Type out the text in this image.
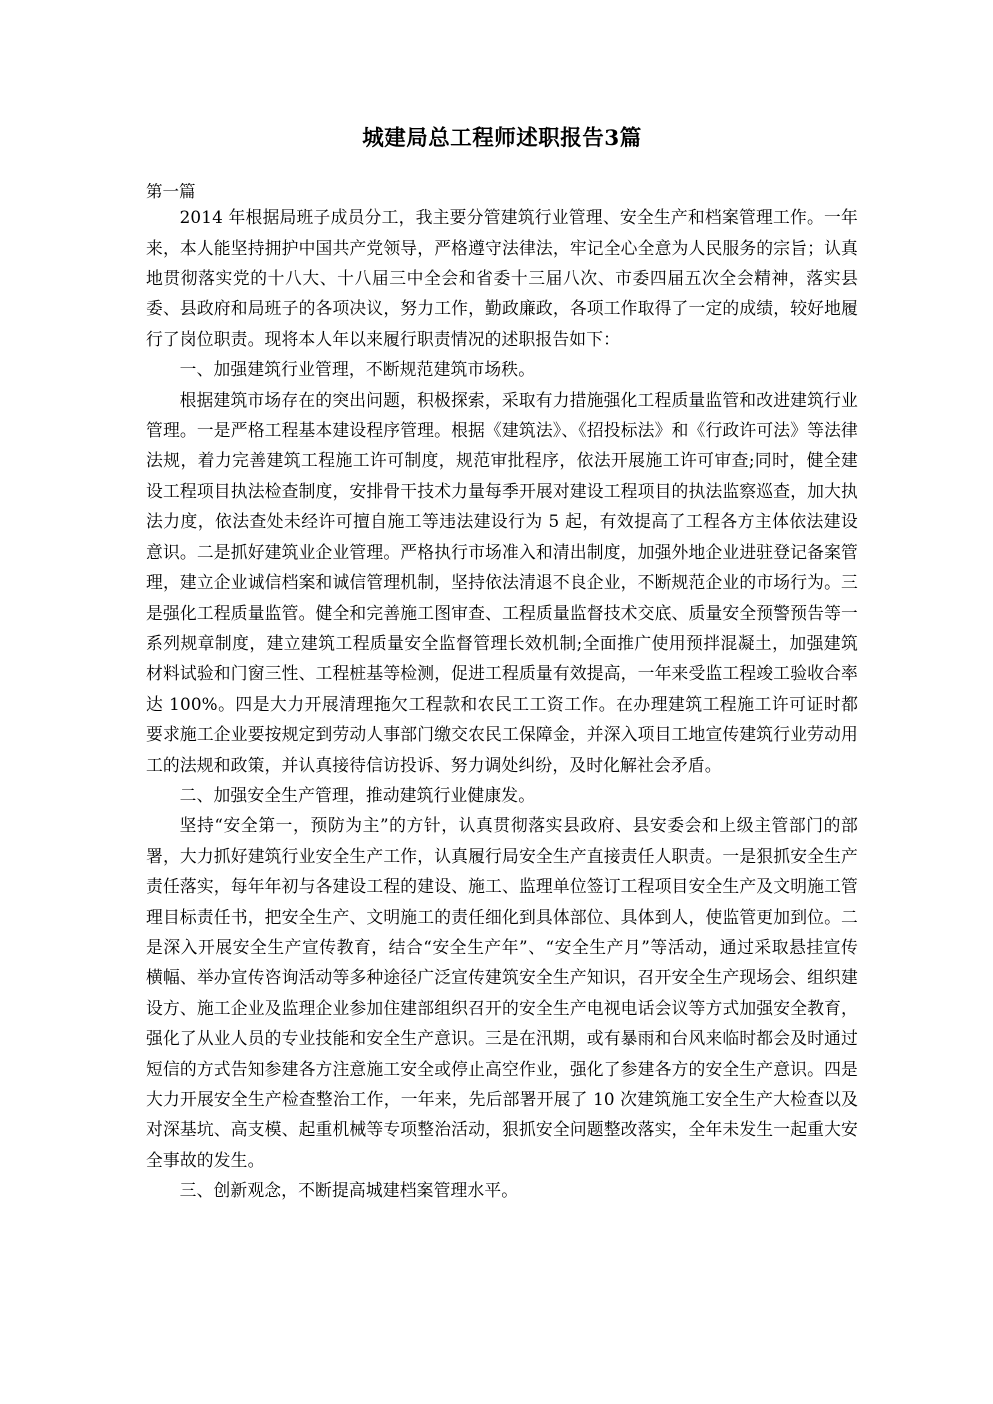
城建局总工程师述职报告3篇
第一篇

2014 年根据局班子成员分工，我主要分管建筑行业管理、安全生产和档案管理工作。一年来，本人能坚持拥护中国共产党领导，严格遵守法律法，牢记全心全意为人民服务的宗旨；认真地贯彻落实党的十八大、十八届三中全会和省委十三届八次、市委四届五次全会精神，落实县委、县政府和局班子的各项决议，努力工作，勤政廉政，各项工作取得了一定的成绩，较好地履行了岗位职责。现将本人年以来履行职责情况的述职报告如下：

一、加强建筑行业管理，不断规范建筑市场秩。

根据建筑市场存在的突出问题，积极探索，采取有力措施强化工程质量监管和改进建筑行业管理。一是严格工程基本建设程序管理。根据《建筑法》、《招投标法》和《行政许可法》等法律法规，着力完善建筑工程施工许可制度，规范审批程序，依法开展施工许可审查;同时，健全建设工程项目执法检查制度，安排骨干技术力量每季开展对建设工程项目的执法监察巡查，加大执法力度，依法查处未经许可擅自施工等违法建设行为 5 起，有效提高了工程各方主体依法建设意识。二是抓好建筑业企业管理。严格执行市场准入和清出制度，加强外地企业进驻登记备案管理，建立企业诚信档案和诚信管理机制，坚持依法清退不良企业，不断规范企业的市场行为。三是强化工程质量监管。健全和完善施工图审查、工程质量监督技术交底、质量安全预警预告等一系列规章制度，建立建筑工程质量安全监督管理长效机制;全面推广使用预拌混凝土，加强建筑材料试验和门窗三性、工程桩基等检测，促进工程质量有效提高，一年来受监工程竣工验收合率达 100%。四是大力开展清理拖欠工程款和农民工工资工作。在办理建筑工程施工许可证时都要求施工企业要按规定到劳动人事部门缴交农民工保障金，并深入项目工地宣传建筑行业劳动用工的法规和政策，并认真接待信访投诉、努力调处纠纷，及时化解社会矛盾。

二、加强安全生产管理，推动建筑行业健康发。

坚持“安全第一，预防为主”的方针，认真贯彻落实县政府、县安委会和上级主管部门的部署，大力抓好建筑行业安全生产工作，认真履行局安全生产直接责任人职责。一是狠抓安全生产责任落实，每年年初与各建设工程的建设、施工、监理单位签订工程项目安全生产及文明施工管理目标责任书，把安全生产、文明施工的责任细化到具体部位、具体到人，使监管更加到位。二是深入开展安全生产宣传教育，结合“安全生产年”、“安全生产月”等活动，通过采取悬挂宣传横幅、举办宣传咨询活动等多种途径广泛宣传建筑安全生产知识，召开安全生产现场会、组织建设方、施工企业及监理企业参加住建部组织召开的安全生产电视电话会议等方式加强安全教育，强化了从业人员的专业技能和安全生产意识。三是在汛期，或有暴雨和台风来临时都会及时通过短信的方式告知参建各方注意施工安全或停止高空作业，强化了参建各方的安全生产意识。四是大力开展安全生产检查整治工作，一年来，先后部署开展了 10 次建筑施工安全生产大检查以及对深基坑、高支模、起重机械等专项整治活动，狠抓安全问题整改落实，全年未发生一起重大安全事故的发生。

三、创新观念，不断提高城建档案管理水平。
